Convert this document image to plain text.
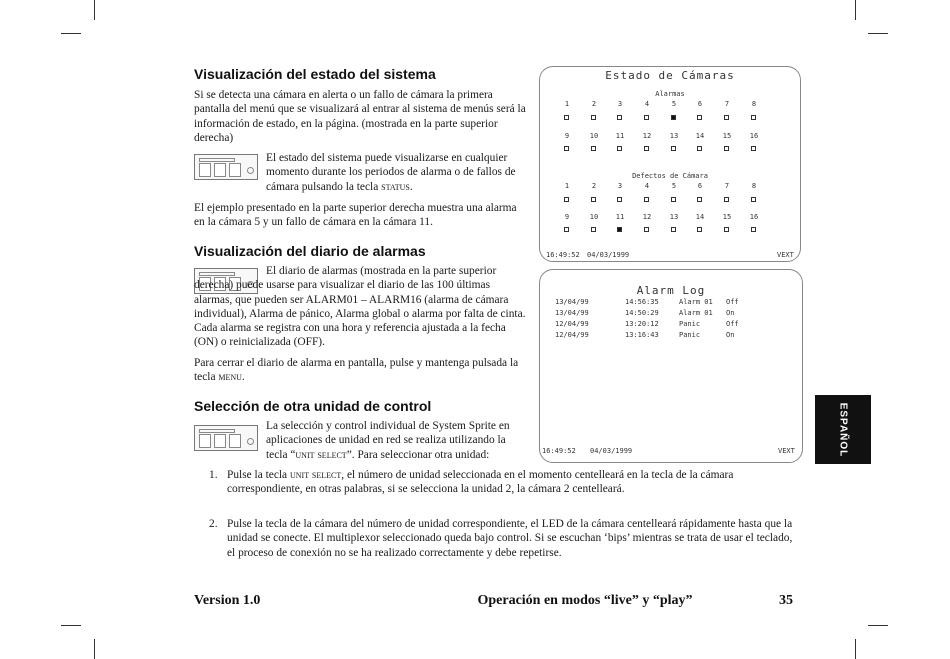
Visualización del estado del sistema

Si se detecta una cámara en alerta o un fallo de cámara la primera pantalla del menú que se visualizará al entrar al sistema de menús será la información de estado, en la página. (mostrada en la parte superior derecha)

El estado del sistema puede visualizarse en cualquier momento durante los periodos de alarma o de fallos de cámara pulsando la tecla status.

El ejemplo presentado en la parte superior derecha muestra una alarma en la cámara 5 y un fallo de cámara en la cámara 11.

Visualización del diario de alarmas

El diario de alarmas (mostrada en la parte superior derecha) puede usarse para visualizar el diario de las 100 últimas alarmas, que pueden ser ALARM01 – ALARM16 (alarma de cámara individual), Alarma de pánico, Alarma global o alarma por falta de cinta. Cada alarma se registra con una hora y referencia ajustada a la fecha (ON) o reinicializada (OFF).

Para cerrar el diario de alarma en pantalla, pulse y mantenga pulsada la tecla menu.

Selección de otra unidad de control

La selección y control individual de System Sprite en aplicaciones de unidad en red se realiza utilizando la tecla “unit select”. Para seleccionar otra unidad:

1. Pulse la tecla unit select, el número de unidad seleccionada en el momento centelleará en la tecla de la cámara correspondiente, en otras palabras, si se selecciona la unidad 2, la cámara 2 centelleará.

2. Pulse la tecla de la cámara del número de unidad correspondiente, el LED de la cámara centelleará rápidamente hasta que la unidad se conecte. El multiplexor seleccionado queda bajo control. Si se escuchan ‘bips’ mientras se trata de usar el teclado, el proceso de conexión no se ha realizado correctamente y debe repetirse.

Estado de Cámaras
Alarmas
Defectos de Cámara
1	2	3	4	5	6	7	8
9	10	11	12	13	14	15	16
1	2	3	4	5	6	7	8
9	10	11	12	13	14	15	16
16:49:52 04/03/1999	VEXT
Alarm Log
13/04/99	14:56:35	Alarm 01 Off
13/04/99	14:50:29	Alarm 01 On
12/04/99	13:20:12	Panic	Off
12/04/99	13:16:43	Panic	On
16:49:52 04/03/1999	VEXT	ESPAÑOL

Version 1.0	Operación en modos “live” y “play”	35
